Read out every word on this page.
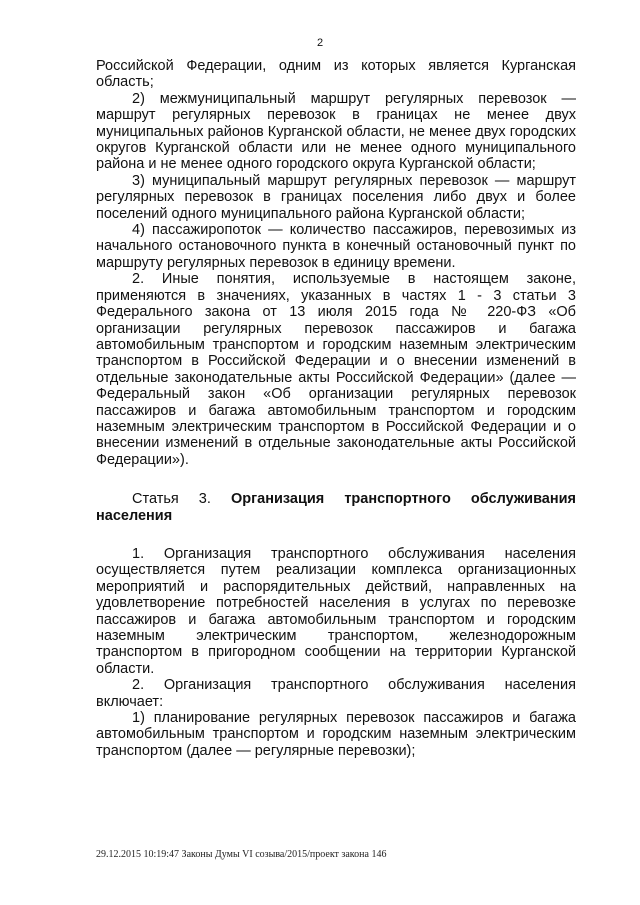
2

Российской Федерации, одним из которых является Курганская область;

2) межмуниципальный маршрут регулярных перевозок — маршрут регулярных перевозок в границах не менее двух муниципальных районов Курганской области, не менее двух городских округов Курганской области или не менее одного муниципального района и не менее одного городского округа Курганской области;

3) муниципальный маршрут регулярных перевозок — маршрут регулярных перевозок в границах поселения либо двух и более поселений одного муниципального района Курганской области;

4) пассажиропоток — количество пассажиров, перевозимых из начального остановочного пункта в конечный остановочный пункт по маршруту регулярных перевозок в единицу времени.

2. Иные понятия, используемые в настоящем законе, применяются в значениях, указанных в частях 1 - 3 статьи 3 Федерального закона от 13 июля 2015 года № 220-ФЗ «Об организации регулярных перевозок пассажиров и багажа автомобильным транспортом и городским наземным электрическим транспортом в Российской Федерации и о внесении изменений в отдельные законодательные акты Российской Федерации» (далее — Федеральный закон «Об организации регулярных перевозок пассажиров и багажа автомобильным транспортом и городским наземным электрическим транспортом в Российской Федерации и о внесении изменений в отдельные законодательные акты Российской Федерации»).

Статья 3. Организация транспортного обслуживания населения

1. Организация транспортного обслуживания населения осуществляется путем реализации комплекса организационных мероприятий и распорядительных действий, направленных на удовлетворение потребностей населения в услугах по перевозке пассажиров и багажа автомобильным транспортом и городским наземным электрическим транспортом, железнодорожным транспортом в пригородном сообщении на территории Курганской области.

2. Организация транспортного обслуживания населения включает:

1) планирование регулярных перевозок пассажиров и багажа автомобильным транспортом и городским наземным электрическим транспортом (далее — регулярные перевозки);

29.12.2015 10:19:47 Законы Думы VI созыва/2015/проект закона 146
